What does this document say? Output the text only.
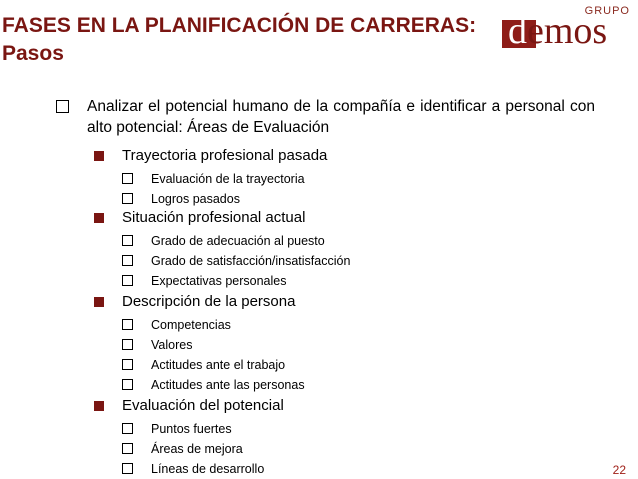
FASES EN LA PLANIFICACIÓN DE CARRERAS:
Pasos
GRUPO
demos
Analizar el potencial humano de la compañía e identificar a personal con alto potencial: Áreas de Evaluación
Trayectoria profesional pasada
Evaluación de la trayectoria
Logros pasados
Situación profesional actual
Grado de adecuación al puesto
Grado de satisfacción/insatisfacción
Expectativas personales
Descripción de la persona
Competencias
Valores
Actitudes ante el trabajo
Actitudes ante las personas
Evaluación del potencial
Puntos fuertes
Áreas de mejora
Líneas de desarrollo	22
